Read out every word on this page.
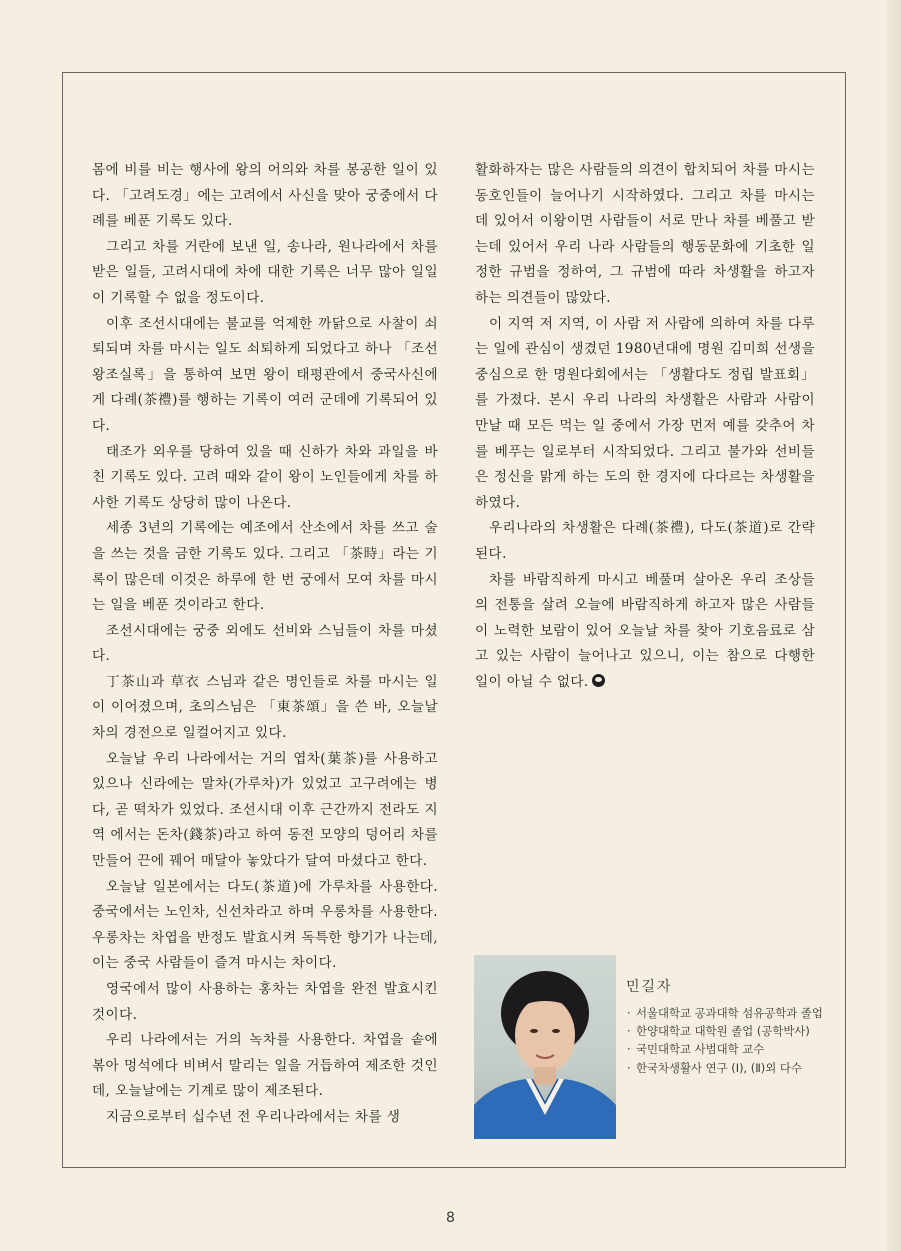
몸에 비를 비는 행사에 왕의 어의와 차를 봉공한 일이 있다. 「고려도경」에는 고려에서 사신을 맞아 궁중에서 다례를 베푼 기록도 있다.

그리고 차를 거란에 보낸 일, 송나라, 원나라에서 차를 받은 일들, 고려시대에 차에 대한 기록은 너무 많아 일일이 기록할 수 없을 정도이다.

이후 조선시대에는 불교를 억제한 까닭으로 사찰이 쇠퇴되며 차를 마시는 일도 쇠퇴하게 되었다고 하나 「조선왕조실록」을 통하여 보면 왕이 태평관에서 중국사신에게 다례(茶禮)를 행하는 기록이 여러 군데에 기록되어 있다.

태조가 외우를 당하여 있을 때 신하가 차와 과일을 바친 기록도 있다. 고려 때와 같이 왕이 노인들에게 차를 하사한 기록도 상당히 많이 나온다.

세종 3년의 기록에는 예조에서 산소에서 차를 쓰고 술을 쓰는 것을 금한 기록도 있다. 그리고 「茶時」라는 기록이 많은데 이것은 하루에 한 번 궁에서 모여 차를 마시는 일을 베푼 것이라고 한다.

조선시대에는 궁중 외에도 선비와 스님들이 차를 마셨다.

丁茶山과 草衣 스님과 같은 명인들로 차를 마시는 일이 이어졌으며, 초의스님은 「東茶頌」을 쓴 바, 오늘날 차의 경전으로 일컬어지고 있다.

오늘날 우리 나라에서는 거의 엽차(葉茶)를 사용하고 있으나 신라에는 말차(가루차)가 있었고 고구려에는 병다, 곧 떡차가 있었다. 조선시대 이후 근간까지 전라도 지역 에서는 돈차(錢茶)라고 하여 동전 모양의 덩어리 차를 만들어 끈에 꿰어 매달아 놓았다가 달여 마셨다고 한다.

오늘날 일본에서는 다도(茶道)에 가루차를 사용한다. 중국에서는 노인차, 신선차라고 하며 우롱차를 사용한다. 우롱차는 차엽을 반정도 발효시켜 독특한 향기가 나는데, 이는 중국 사람들이 즐겨 마시는 차이다.

영국에서 많이 사용하는 홍차는 차엽을 완전 발효시킨 것이다.

우리 나라에서는 거의 녹차를 사용한다. 차엽을 솥에 볶아 멍석에다 비벼서 말리는 일을 거듭하여 제조한 것인데, 오늘날에는 기계로 많이 제조된다.

지금으로부터 십수년 전 우리나라에서는 차를 생

활화하자는 많은 사람들의 의견이 합치되어 차를 마시는 동호인들이 늘어나기 시작하였다. 그리고 차를 마시는 데 있어서 이왕이면 사람들이 서로 만나 차를 베풀고 받는데 있어서 우리 나라 사람들의 행동문화에 기초한 일정한 규범을 정하여, 그 규범에 따라 차생활을 하고자 하는 의견들이 많았다.

이 지역 저 지역, 이 사람 저 사람에 의하여 차를 다루는 일에 관심이 생겼던 1980년대에 명원 김미희 선생을 중심으로 한 명원다회에서는 「생활다도 정립 발표회」를 가졌다. 본시 우리 나라의 차생활은 사람과 사람이 만날 때 모든 먹는 일 중에서 가장 먼저 예를 갖추어 차를 베푸는 일로부터 시작되었다. 그리고 불가와 선비들은 정신을 맑게 하는 도의 한 경지에 다다르는 차생활을 하였다.

우리나라의 차생활은 다례(茶禮), 다도(茶道)로 간략된다.

차를 바람직하게 마시고 베풀며 살아온 우리 조상들의 전통을 살려 오늘에 바람직하게 하고자 많은 사람들이 노력한 보람이 있어 오늘날 차를 찾아 기호음료로 삼고 있는 사람이 늘어나고 있으니, 이는 참으로 다행한 일이 아닐 수 없다.

민길자
· 서울대학교 공과대학 섬유공학과 졸업
· 한양대학교 대학원 졸업 (공학박사)
· 국민대학교 사범대학 교수
· 한국차생활사 연구 (Ⅰ), (Ⅱ)외 다수
8
